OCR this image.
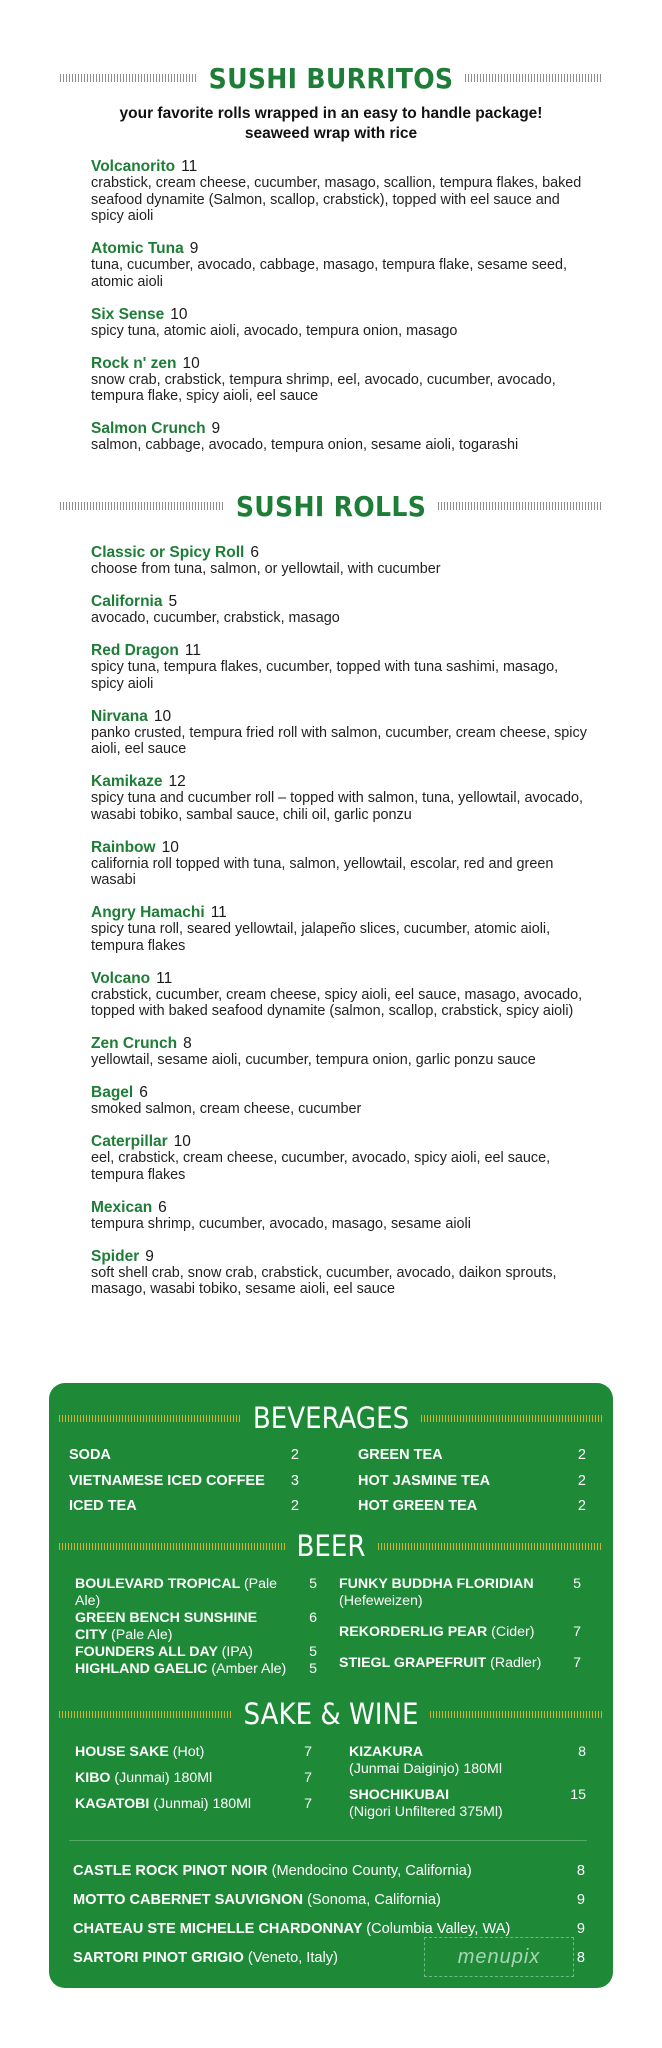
SUSHI BURRITOS
your favorite rolls wrapped in an easy to handle package!
seaweed wrap with rice
Volcanorito 11
crabstick, cream cheese, cucumber, masago, scallion, tempura flakes, baked seafood dynamite (Salmon, scallop, crabstick), topped with eel sauce and spicy aioli
Atomic Tuna 9
tuna, cucumber, avocado, cabbage, masago, tempura flake, sesame seed, atomic aioli
Six Sense 10
spicy tuna, atomic aioli, avocado, tempura onion, masago
Rock n' zen 10
snow crab, crabstick, tempura shrimp, eel, avocado, cucumber, avocado, tempura flake, spicy aioli, eel sauce
Salmon Crunch 9
salmon, cabbage, avocado, tempura onion, sesame aioli, togarashi
SUSHI ROLLS
Classic or Spicy Roll 6
choose from tuna, salmon, or yellowtail, with cucumber
California 5
avocado, cucumber, crabstick, masago
Red Dragon 11
spicy tuna, tempura flakes, cucumber, topped with tuna sashimi, masago, spicy aioli
Nirvana 10
panko crusted, tempura fried roll with salmon, cucumber, cream cheese, spicy aioli, eel sauce
Kamikaze 12
spicy tuna and cucumber roll – topped with salmon, tuna, yellowtail, avocado, wasabi tobiko, sambal sauce, chili oil, garlic ponzu
Rainbow 10
california roll topped with tuna, salmon, yellowtail, escolar, red and green wasabi
Angry Hamachi 11
spicy tuna roll, seared yellowtail, jalapeño slices, cucumber, atomic aioli, tempura flakes
Volcano 11
crabstick, cucumber, cream cheese, spicy aioli, eel sauce, masago, avocado, topped with baked seafood dynamite (salmon, scallop, crabstick, spicy aioli)
Zen Crunch 8
yellowtail, sesame aioli, cucumber, tempura onion, garlic ponzu sauce
Bagel 6
smoked salmon, cream cheese, cucumber
Caterpillar 10
eel, crabstick, cream cheese, cucumber, avocado, spicy aioli, eel sauce, tempura flakes
Mexican 6
tempura shrimp, cucumber, avocado, masago, sesame aioli
Spider 9
soft shell crab, snow crab, crabstick, cucumber, avocado, daikon sprouts, masago, wasabi tobiko, sesame aioli, eel sauce
BEVERAGES
SODA	2
VIETNAMESE ICED COFFEE	3
ICED TEA	2
GREEN TEA	2
HOT JASMINE TEA	2
HOT GREEN TEA	2
BEER
BOULEVARD TROPICAL (Pale Ale)
5
GREEN BENCH SUNSHINE CITY (Pale Ale)
6
FOUNDERS ALL DAY (IPA)	5
HIGHLAND GAELIC (Amber Ale)	5
FUNKY BUDDHA FLORIDIAN
(Hefeweizen)
5
REKORDERLIG PEAR (Cider)	7
STIEGL GRAPEFRUIT (Radler)	7
SAKE & WINE
HOUSE SAKE (Hot)	7
KIBO (Junmai) 180Ml	7
KAGATOBI (Junmai) 180Ml	7
KIZAKURA
(Junmai Daiginjo) 180Ml
8
SHOCHIKUBAI
(Nigori Unfiltered 375Ml)
15
CASTLE ROCK PINOT NOIR (Mendocino County, California)	8
MOTTO CABERNET SAUVIGNON (Sonoma, California)	9
CHATEAU STE MICHELLE CHARDONNAY (Columbia Valley, WA)	9
SARTORI PINOT GRIGIO (Veneto, Italy)	8
menupix
